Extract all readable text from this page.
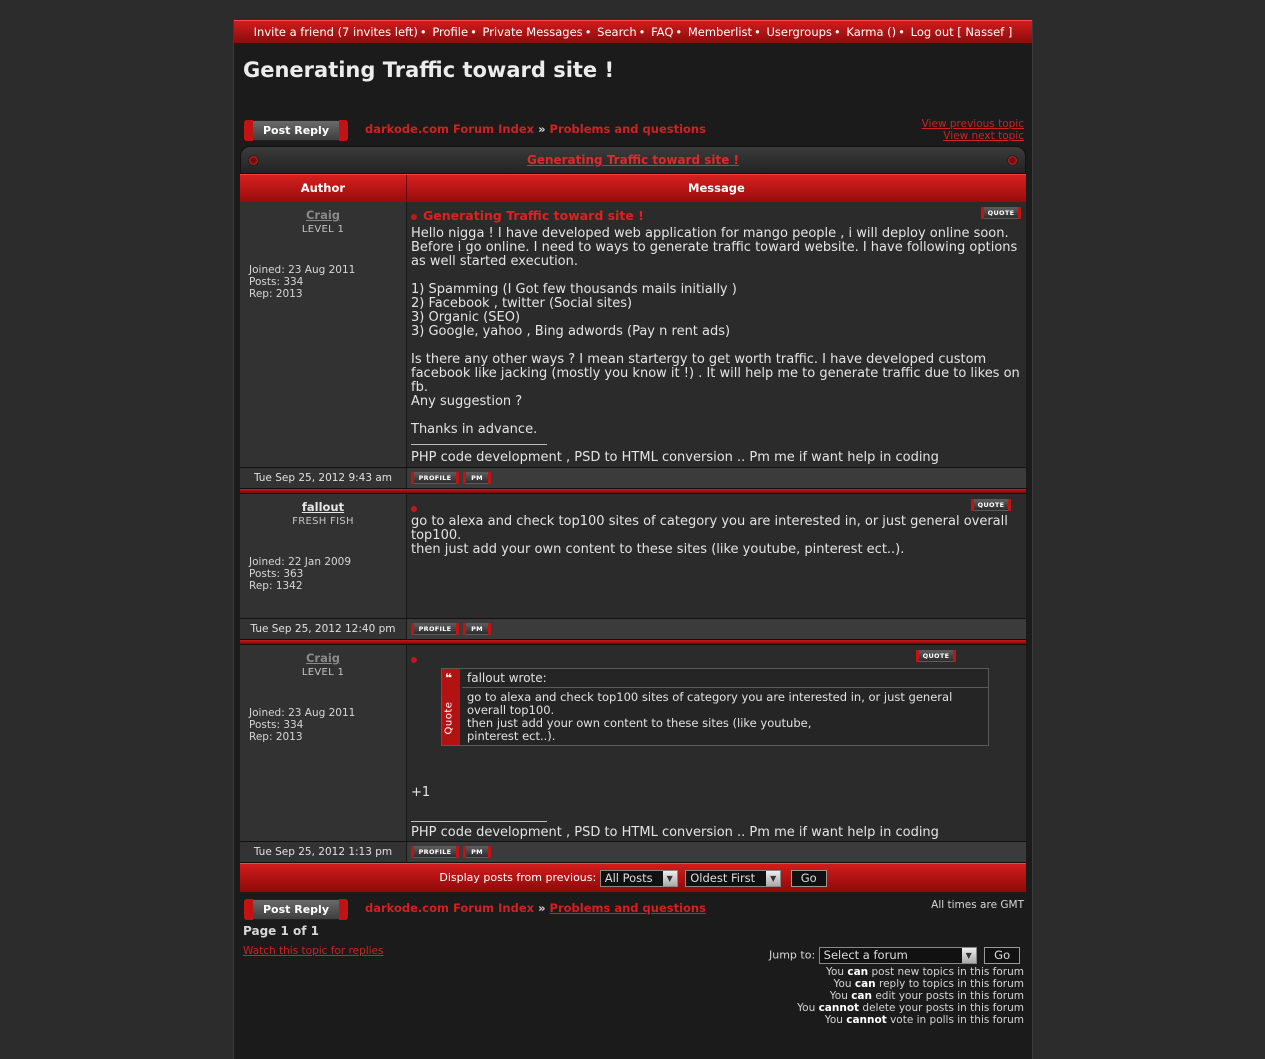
Invite a friend (7 invites left) • Profile • Private Messages • Search • FAQ • Memberlist • Usergroups • Karma () • Log out [ Nassef ]
Generating Traffic toward site !
Post Reply	darkode.com Forum Index » Problems and questions	View previous topic
View next topic
Generating Traffic toward site !
Author	Message
Craig
LEVEL 1
Joined: 23 Aug 2011
Posts: 334
Rep: 2013
Generating Traffic toward site !	QUOTE
Hello nigga ! I have developed web application for mango people , i will deploy online soon.
Before i go online. I need to ways to generate traffic toward website. I have following options
as well started execution.

1) Spamming (I Got few thousands mails initially )
2) Facebook , twitter (Social sites)
3) Organic (SEO)
3) Google, yahoo , Bing adwords (Pay n rent ads)

Is there any other ways ? I mean startergy to get worth traffic. I have developed custom
facebook like jacking (mostly you know it !) . It will help me to generate traffic due to likes on fb.
Any suggestion ?

Thanks in advance.
PHP code development , PSD to HTML conversion .. Pm me if want help in coding
Tue Sep 25, 2012 9:43 am	PROFILE	PM
fallout
FRESH FISH
Joined: 22 Jan 2009
Posts: 363
Rep: 1342
QUOTE
go to alexa and check top100 sites of category you are interested in, or just general overall
top100.
then just add your own content to these sites (like youtube, pinterest ect..).
Tue Sep 25, 2012 12:40 pm	PROFILE	PM
Craig
LEVEL 1
Joined: 23 Aug 2011
Posts: 334
Rep: 2013
QUOTE
❝
Quote
fallout wrote:
go to alexa and check top100 sites of category you are interested in, or just general
overall top100.
then just add your own content to these sites (like youtube,
pinterest ect..).
+1
PHP code development , PSD to HTML conversion .. Pm me if want help in coding
Tue Sep 25, 2012 1:13 pm	PROFILE	PM
Display posts from previous: All Posts	▼	Oldest First	▼	Go
Post Reply	darkode.com Forum Index » Problems and questions	All times are GMT
Page 1 of 1
Watch this topic for replies	Jump to: Select a forum	▼	Go
You can post new topics in this forum
You can reply to topics in this forum
You can edit your posts in this forum
You cannot delete your posts in this forum
You cannot vote in polls in this forum
